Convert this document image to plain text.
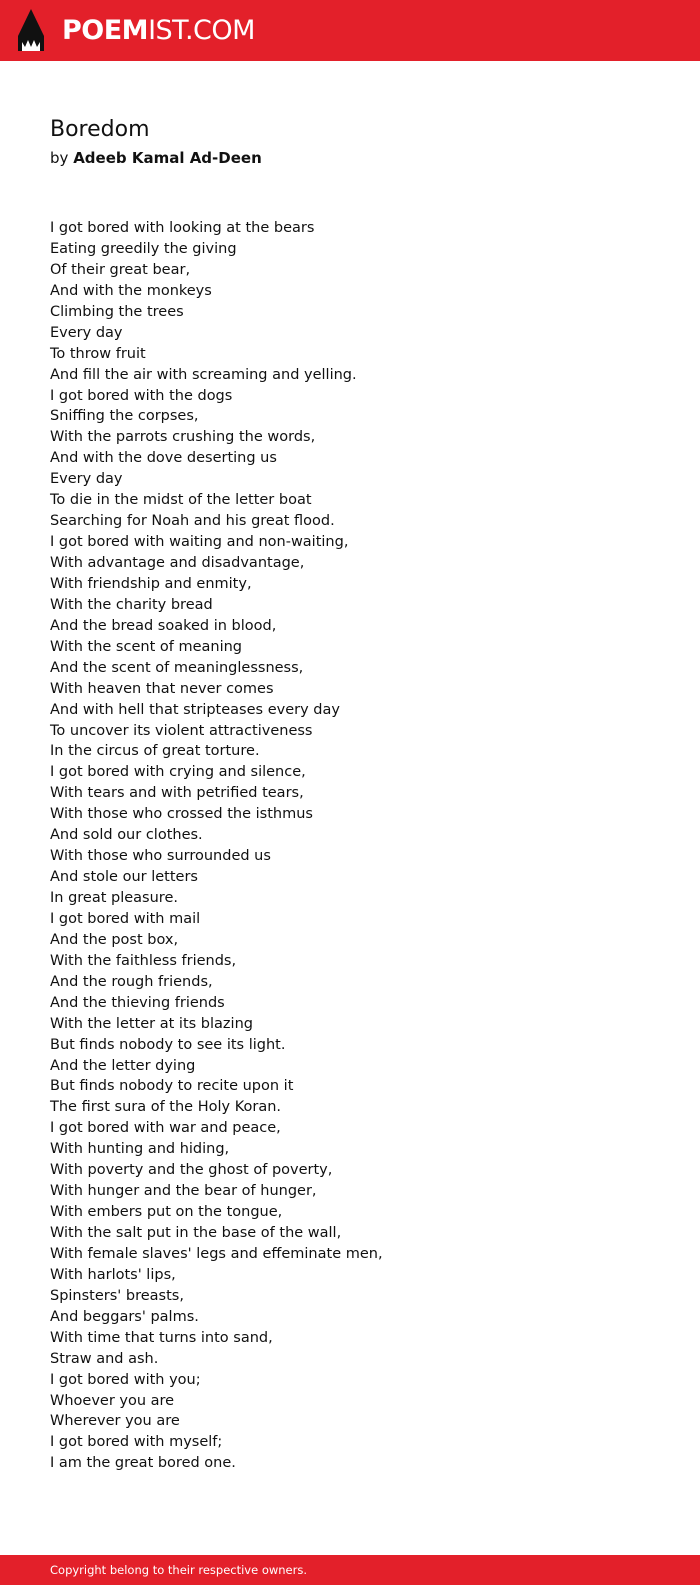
POEMIST.COM
Boredom
by Adeeb Kamal Ad-Deen
I got bored with looking at the bears
Eating greedily the giving
Of their great bear,
And with the monkeys
Climbing the trees
Every day
To throw fruit
And fill the air with screaming and yelling.
I got bored with the dogs
Sniffing the corpses,
With the parrots crushing the words,
And with the dove deserting us
Every day
To die in the midst of the letter boat
Searching for Noah and his great flood.
I got bored with waiting and non-waiting,
With advantage and disadvantage,
With friendship and enmity,
With the charity bread
And the bread soaked in blood,
With the scent of meaning
And the scent of meaninglessness,
With heaven that never comes
And with hell that stripteases every day
To uncover its violent attractiveness
In the circus of great torture.
I got bored with crying and silence,
With tears and with petrified tears,
With those who crossed the isthmus
And sold our clothes.
With those who surrounded us
And stole our letters
In great pleasure.
I got bored with mail
And the post box,
With the faithless friends,
And the rough friends,
And the thieving friends
With the letter at its blazing
But finds nobody to see its light.
And the letter dying
But finds nobody to recite upon it
The first sura of the Holy Koran.
I got bored with war and peace,
With hunting and hiding,
With poverty and the ghost of poverty,
With hunger and the bear of hunger,
With embers put on the tongue,
With the salt put in the base of the wall,
With female slaves' legs and effeminate men,
With harlots' lips,
Spinsters' breasts,
And beggars' palms.
With time that turns into sand,
Straw and ash.
I got bored with you;
Whoever you are
Wherever you are
I got bored with myself;
I am the great bored one.
Copyright belong to their respective owners.
